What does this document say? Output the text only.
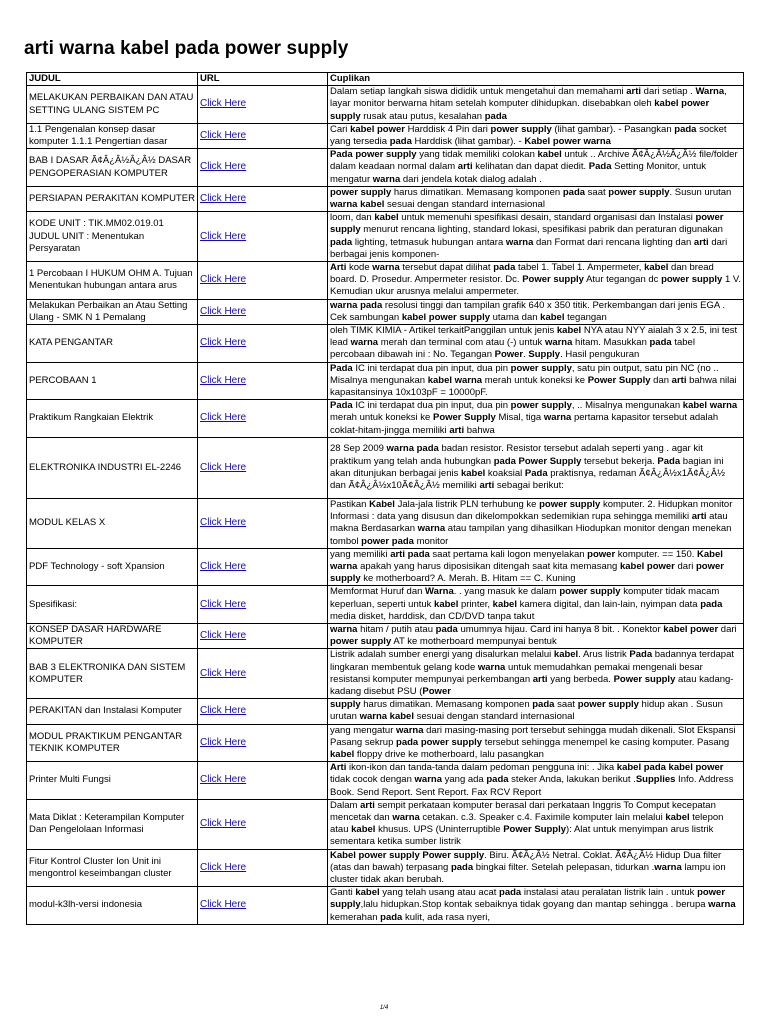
arti warna kabel pada power supply
JUDUL	URL	Cuplikan
MELAKUKAN PERBAIKAN DAN ATAU SETTING ULANG SISTEM PC	Click Here	Dalam setiap langkah siswa dididik untuk mengetahui dan memahami arti dari setiap . Warna, layar monitor berwarna hitam setelah komputer dihidupkan. disebabkan oleh kabel power supply rusak atau putus, kesalahan pada
1.1 Pengenalan konsep dasar komputer 1.1.1 Pengertian dasar	Click Here	Cari kabel power Harddisk 4 Pin dari power supply (lihat gambar). - Pasangkan pada socket yang tersedia pada Harddisk (lihat gambar). - Kabel power warna
BAB I DASAR Ã¢Â¿Â½Â¿Â½ DASAR PENGOPERASIAN KOMPUTER	Click Here	Pada power supply yang tidak memiliki colokan kabel untuk .. Archive Ã¢Â¿Â½Â¿Â½ file/folder dalam keadaan normal dalam arti kelihatan dan dapat diedit. Pada Setting Monitor, untuk mengatur warna dari jendela kotak dialog adalah .
PERSIAPAN PERAKITAN KOMPUTER	Click Here	power supply harus dimatikan. Memasang komponen pada saat power supply. Susun urutan warna kabel sesuai dengan standard internasional
KODE UNIT : TIK.MM02.019.01 JUDUL UNIT : Menentukan Persyaratan	Click Here	loom, dan kabel untuk memenuhi spesifikasi desain, standard organisasi dan Instalasi power supply menurut rencana lighting, standard lokasi, spesifikasi pabrik dan peraturan digunakan pada lighting, tetmasuk hubungan antara warna dan Format dari rencana lighting dan arti dari berbagai jenis komponen-
1 Percobaan I HUKUM OHM A. Tujuan Menentukan hubungan antara arus	Click Here	Arti kode warna tersebut dapat dilihat pada tabel 1. Tabel 1. Ampermeter, kabel dan bread board. D. Prosedur. Ampermeter resistor. Dc. Power supply Atur tegangan dc power supply 1 V. Kemudian ukur arusnya melalui ampermeter.
Melakukan Perbaikan an Atau Setting Ulang - SMK N 1 Pemalang	Click Here	warna pada resolusi tinggi dan tampilan grafik 640 x 350 titik. Perkembangan dari jenis EGA . Cek sambungan kabel power supply utama dan kabel tegangan
KATA PENGANTAR	Click Here	oleh TIMK KIMIA - Artikel terkaitPanggilan untuk jenis kabel NYA atau NYY aialah 3 x 2.5, ini test lead warna merah dan terminal com atau (-) untuk warna hitam. Masukkan pada tabel percobaan dibawah ini : No. Tegangan Power. Supply. Hasil pengukuran
PERCOBAAN 1	Click Here	Pada IC ini terdapat dua pin input, dua pin power supply, satu pin output, satu pin NC (no .. Misalnya mengunakan kabel warna merah untuk koneksi ke Power Supply dan arti bahwa nilai kapasitansinya 10x103pF = 10000pF.
Praktikum Rangkaian Elektrik	Click Here	Pada IC ini terdapat dua pin input, dua pin power supply, .. Misalnya mengunakan kabel warna merah untuk koneksi ke Power Supply Misal, tiga warna pertama kapasitor tersebut adalah coklat-hitam-jingga memiliki arti bahwa
ELEKTRONIKA INDUSTRI EL-2246	Click Here	28 Sep 2009 warna pada badan resistor. Resistor tersebut adalah seperti yang . agar kit praktikum yang telah anda hubungkan pada Power Supply tersebut bekerja. Pada bagian ini akan ditunjukan berbagai jenis kabel koaksial Pada praktisnya, redaman Ã¢Â¿Â½x1Ã¢Â¿Â½ dan Ã¢Â¿Â½x10Ã¢Â¿Â½ memiliki arti sebagai berikut:
MODUL KELAS X	Click Here	Pastikan Kabel Jala-jala listrik PLN terhubung ke power supply komputer. 2. Hidupkan monitor Informasi : data yang disusun dan dikelompokkan sedemikian rupa sehingga memiliki arti atau makna Berdasarkan warna atau tampilan yang dihasilkan Hiodupkan monitor dengan menekan tombol power pada monitor
PDF Technology - soft Xpansion	Click Here	yang memiliki arti pada saat pertama kali logon menyelakan power komputer. == 150. Kabel warna apakah yang harus diposisikan ditengah saat kita memasang kabel power dari power supply ke motherboard? A. Merah. B. Hitam == C. Kuning
Spesifikasi:	Click Here	Memformat Huruf dan Warna. . yang masuk ke dalam power supply komputer tidak macam keperluan, seperti untuk kabel printer, kabel kamera digital, dan lain-lain, nyimpan data pada media disket, harddisk, dan CD/DVD tanpa takut
KONSEP DASAR HARDWARE KOMPUTER	Click Here	warna hitam / putih atau pada umumnya hijau. Card ini hanya 8 bit. . Konektor kabel power dari power supply AT ke motherboard mempunyai bentuk
BAB 3 ELEKTRONIKA DAN SISTEM KOMPUTER	Click Here	Listrik adalah sumber energi yang disalurkan melalui kabel. Arus listrik Pada badannya terdapat lingkaran membentuk gelang kode warna untuk memudahkan pemakai mengenali besar resistansi komputer mempunyai perkembangan arti yang berbeda. Power supply atau kadang-kadang disebut PSU (Power
PERAKITAN dan Instalasi Komputer	Click Here	supply harus dimatikan. Memasang komponen pada saat power supply hidup akan . Susun urutan warna kabel sesuai dengan standard internasional
MODUL PRAKTIKUM PENGANTAR TEKNIK KOMPUTER	Click Here	yang mengatur warna dari masing-masing port tersebut sehingga mudah dikenali. Slot Ekspansi Pasang sekrup pada power supply tersebut sehingga menempel ke casing komputer. Pasang kabel floppy drive ke motherboard, lalu pasangkan
Printer Multi Fungsi	Click Here	Arti ikon-ikon dan tanda-tanda dalam pedoman pengguna ini: . Jika kabel pada kabel power tidak cocok dengan warna yang ada pada steker Anda, lakukan berikut .Supplies Info. Address Book. Send Report. Sent Report. Fax RCV Report
Mata Diklat : Keterampilan Komputer Dan Pengelolaan Informasi	Click Here	Dalam arti sempit perkataan komputer berasal dari perkataan Inggris To Comput kecepatan mencetak dan warna cetakan. c.3. Speaker c.4. Faximile komputer lain melalui kabel telepon atau kabel khusus. UPS (Uninterruptible Power Supply): Alat untuk menyimpan arus listrik sementara ketika sumber listrik
Fitur Kontrol Cluster Ion Unit ini mengontrol keseimbangan cluster	Click Here	Kabel power supply Power supply. Biru. Ã¢Â¿Â½ Netral. Coklat. Ã¢Â¿Â½ Hidup Dua filter (atas dan bawah) terpasang pada bingkai filter. Setelah pelepasan, tidurkan .warna lampu ion cluster tidak akan berubah.
modul-k3lh-versi indonesia	Click Here	Ganti kabel yang telah usang atau acat pada instalasi atau peralatan listrik lain . untuk power supply,lalu hidupkan.Stop kontak sebaiknya tidak goyang dan mantap sehingga . berupa warna kemerahan pada kulit, ada rasa nyeri,
1/4
